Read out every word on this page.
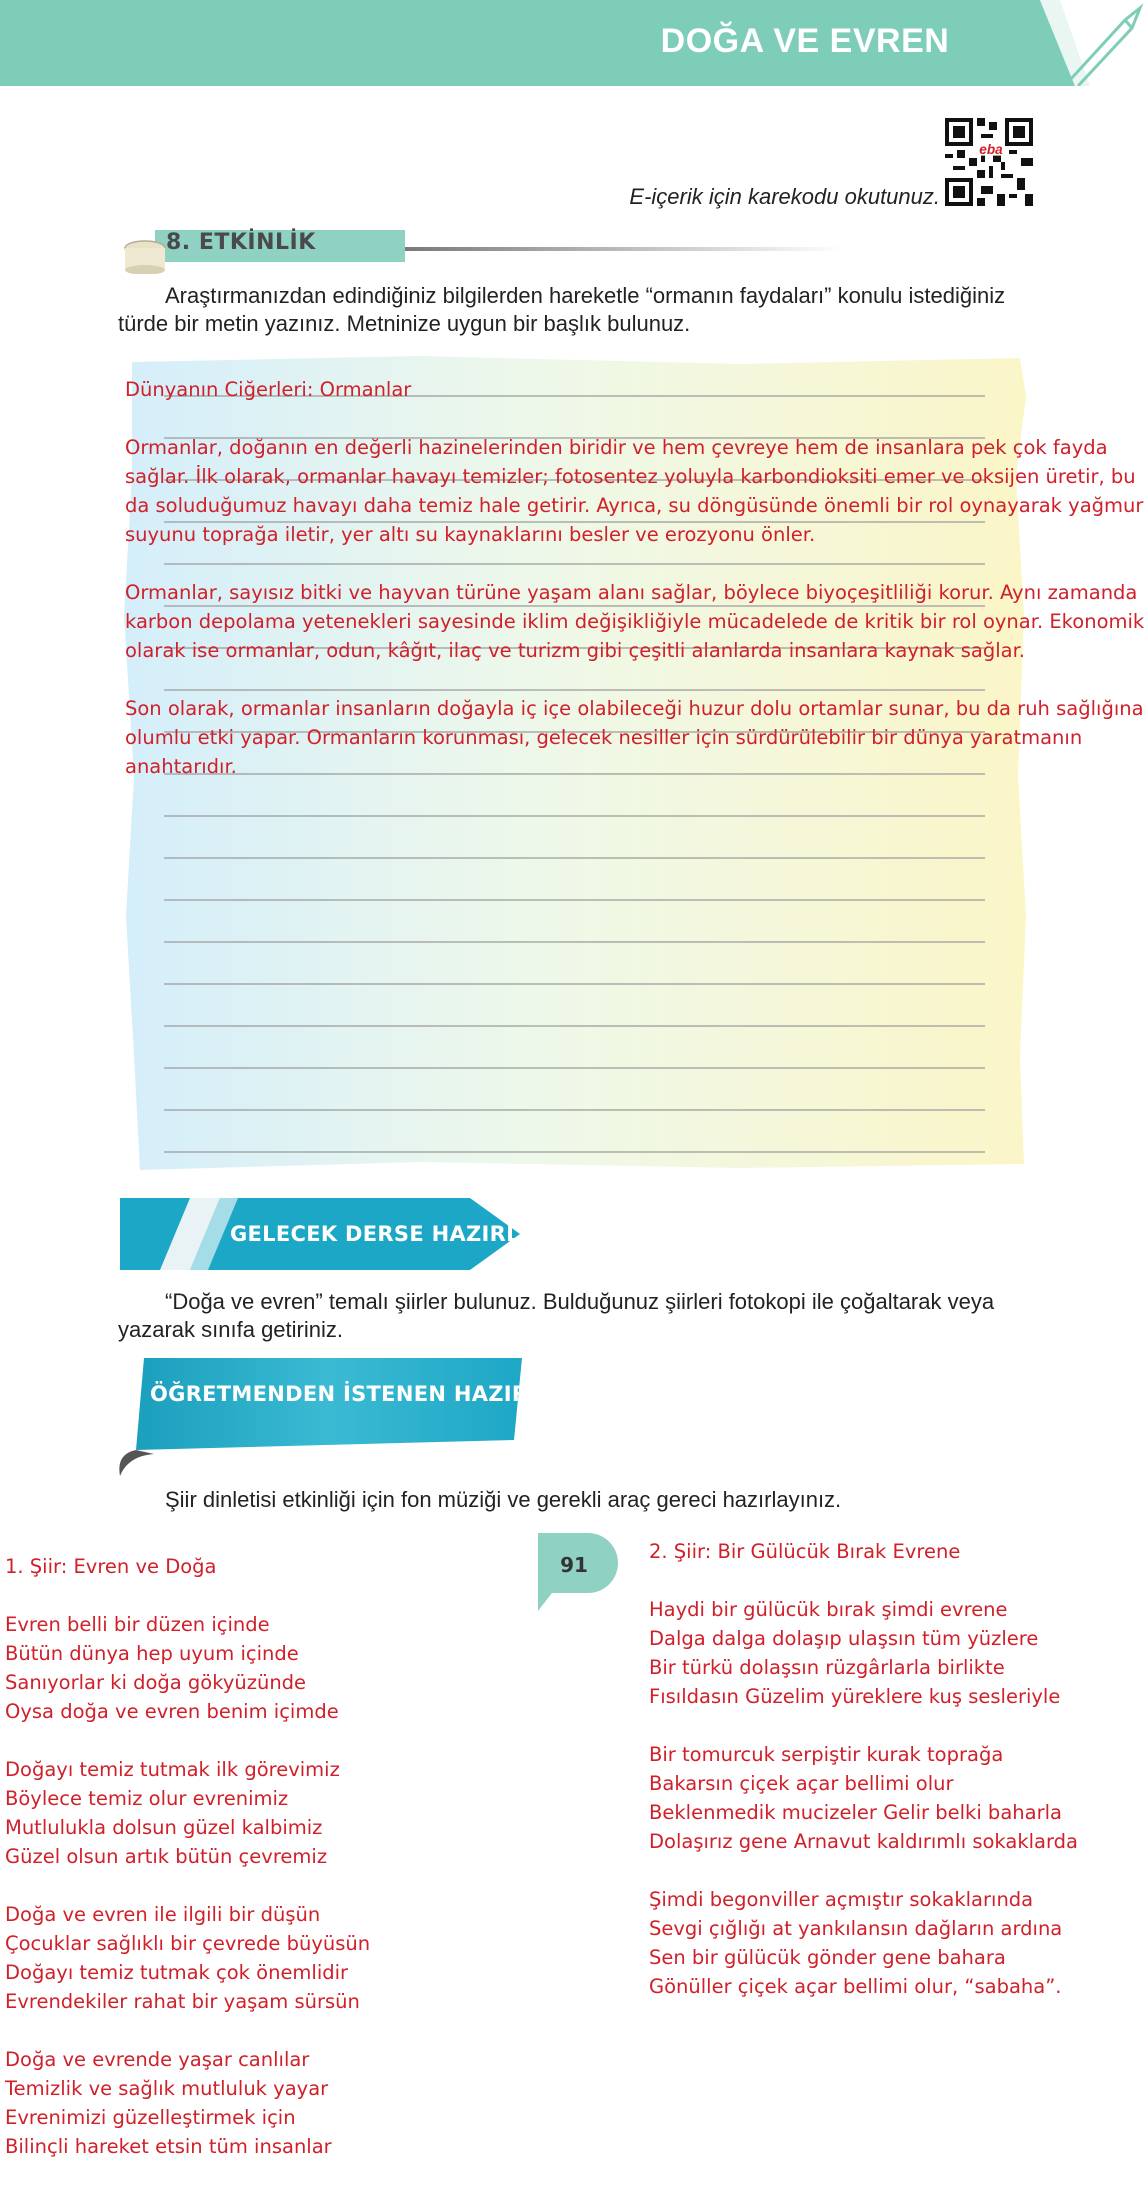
DOĞA VE EVREN
eba
E-içerik için karekodu okutunuz.
8. ETKİNLİK
Araştırmanızdan edindiğiniz bilgilerden hareketle “ormanın faydaları” konulu istediğiniz
türde bir metin yazınız. Metninize uygun bir başlık bulunuz.
Dünyanın Ciğerleri: Ormanlar
Ormanlar, doğanın en değerli hazinelerinden biridir ve hem çevreye hem de insanlara pek çok fayda
sağlar. İlk olarak, ormanlar havayı temizler; fotosentez yoluyla karbondioksiti emer ve oksijen üretir, bu
da soluduğumuz havayı daha temiz hale getirir. Ayrıca, su döngüsünde önemli bir rol oynayarak yağmur
suyunu toprağa iletir, yer altı su kaynaklarını besler ve erozyonu önler.
Ormanlar, sayısız bitki ve hayvan türüne yaşam alanı sağlar, böylece biyoçeşitliliği korur. Aynı zamanda
karbon depolama yetenekleri sayesinde iklim değişikliğiyle mücadelede de kritik bir rol oynar. Ekonomik
olarak ise ormanlar, odun, kâğıt, ilaç ve turizm gibi çeşitli alanlarda insanlara kaynak sağlar.
Son olarak, ormanlar insanların doğayla iç içe olabileceği huzur dolu ortamlar sunar, bu da ruh sağlığına
olumlu etki yapar. Ormanların korunması, gelecek nesiller için sürdürülebilir bir dünya yaratmanın
anahtarıdır.
GELECEK DERSE HAZIRLIK
“Doğa ve evren” temalı şiirler bulunuz. Bulduğunuz şiirleri fotokopi ile çoğaltarak veya
yazarak sınıfa getiriniz.
ÖĞRETMENDEN İSTENEN HAZIRLIK
Şiir dinletisi etkinliği için fon müziği ve gerekli araç gereci hazırlayınız.
91
1. Şiir: Evren ve Doğa
Evren belli bir düzen içinde
Bütün dünya hep uyum içinde
Sanıyorlar ki doğa gökyüzünde
Oysa doğa ve evren benim içimde
Doğayı temiz tutmak ilk görevimiz
Böylece temiz olur evrenimiz
Mutlulukla dolsun güzel kalbimiz
Güzel olsun artık bütün çevremiz
Doğa ve evren ile ilgili bir düşün
Çocuklar sağlıklı bir çevrede büyüsün
Doğayı temiz tutmak çok önemlidir
Evrendekiler rahat bir yaşam sürsün
Doğa ve evrende yaşar canlılar
Temizlik ve sağlık mutluluk yayar
Evrenimizi güzelleştirmek için
Bilinçli hareket etsin tüm insanlar
2. Şiir: Bir Gülücük Bırak Evrene
Haydi bir gülücük bırak şimdi evrene
Dalga dalga dolaşıp ulaşsın tüm yüzlere
Bir türkü dolaşsın rüzgârlarla birlikte
Fısıldasın Güzelim yüreklere kuş sesleriyle
Bir tomurcuk serpiştir kurak toprağa
Bakarsın çiçek açar bellimi olur
Beklenmedik mucizeler Gelir belki baharla
Dolaşırız gene Arnavut kaldırımlı sokaklarda
Şimdi begonviller açmıştır sokaklarında
Sevgi çığlığı at yankılansın dağların ardına
Sen bir gülücük gönder gene bahara
Gönüller çiçek açar bellimi olur, “sabaha”.
